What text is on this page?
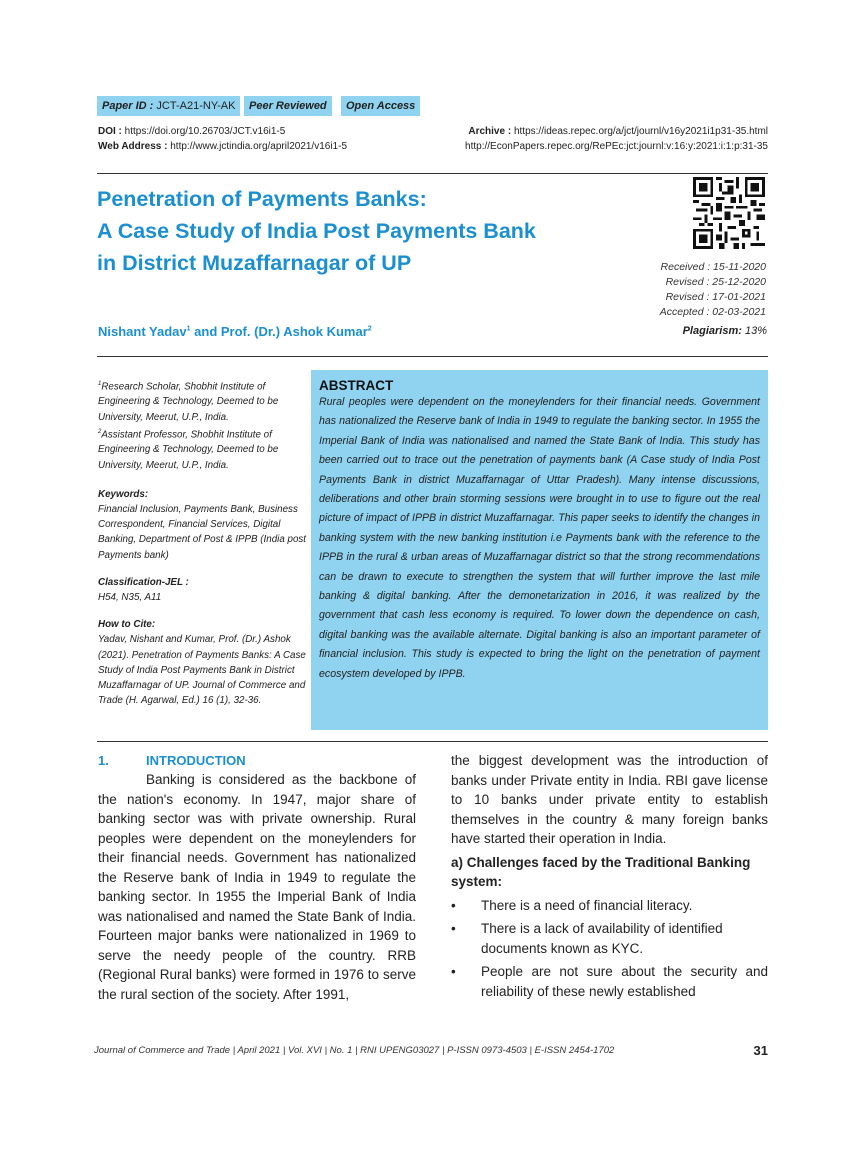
Paper ID : JCT-A21-NY-AK	Peer Reviewed	Open Access
DOI : https://doi.org/10.26703/JCT.v16i1-5
Web Address : http://www.jctindia.org/april2021/v16i1-5
Archive : https://ideas.repec.org/a/jct/journl/v16y2021i1p31-35.html
http://EconPapers.repec.org/RePEc:jct:journl:v:16:y:2021:i:1:p:31-35
Penetration of Payments Banks:
A Case Study of India Post Payments Bank
in District Muzaffarnagar of UP	Received : 15-11-2020
Revised : 25-12-2020
Revised : 17-01-2021
Accepted : 02-03-2021
Plagiarism: 13%
Nishant Yadav$^1$ and Prof. (Dr.) Ashok Kumar$^2$

$^1$Research Scholar, Shobhit Institute of Engineering & Technology, Deemed to be University, Meerut, U.P., India.

$^2$Assistant Professor, Shobhit Institute of Engineering & Technology, Deemed to be University, Meerut, U.P., India.

Keywords:

Financial Inclusion, Payments Bank, Business Correspondent, Financial Services, Digital Banking, Department of Post & IPPB (India post Payments bank)

Classification-JEL :

H54, N35, A11

How to Cite:

Yadav, Nishant and Kumar, Prof. (Dr.) Ashok (2021). Penetration of Payments Banks: A Case Study of India Post Payments Bank in District Muzaffarnagar of UP. Journal of Commerce and Trade (H. Agarwal, Ed.) 16 (1), 32-36.

ABSTRACT

Rural peoples were dependent on the moneylenders for their financial needs. Government has nationalized the Reserve bank of India in 1949 to regulate the banking sector. In 1955 the Imperial Bank of India was nationalised and named the State Bank of India. This study has been carried out to trace out the penetration of payments bank (A Case study of India Post Payments Bank in district Muzaffarnagar of Uttar Pradesh). Many intense discussions, deliberations and other brain storming sessions were brought in to use to figure out the real picture of impact of IPPB in district Muzaffarnagar. This paper seeks to identify the changes in banking system with the new banking institution i.e Payments bank with the reference to the IPPB in the rural & urban areas of Muzaffarnagar district so that the strong recommendations can be drawn to execute to strengthen the system that will further improve the last mile banking & digital banking. After the demonetarization in 2016, it was realized by the government that cash less economy is required. To lower down the dependence on cash, digital banking was the available alternate. Digital banking is also an important parameter of financial inclusion. This study is expected to bring the light on the penetration of payment ecosystem developed by IPPB.

1.	INTRODUCTION

Banking is considered as the backbone of the nation's economy. In 1947, major share of banking sector was with private ownership. Rural peoples were dependent on the moneylenders for their financial needs. Government has nationalized the Reserve bank of India in 1949 to regulate the banking sector. In 1955 the Imperial Bank of India was nationalised and named the State Bank of India. Fourteen major banks were nationalized in 1969 to serve the needy people of the country. RRB (Regional Rural banks) were formed in 1976 to serve the rural section of the society. After 1991,

the biggest development was the introduction of banks under Private entity in India. RBI gave license to 10 banks under private entity to establish themselves in the country & many foreign banks have started their operation in India.

a) Challenges faced by the Traditional Banking system:
•	There is a need of financial literacy.
•	There is a lack of availability of identified documents known as KYC.
•	People are not sure about the security and reliability of these newly established
Journal of Commerce and Trade | April 2021 | Vol. XVI | No. 1 | RNI UPENG03027 | P-ISSN 0973-4503 | E-ISSN 2454-1702	31
